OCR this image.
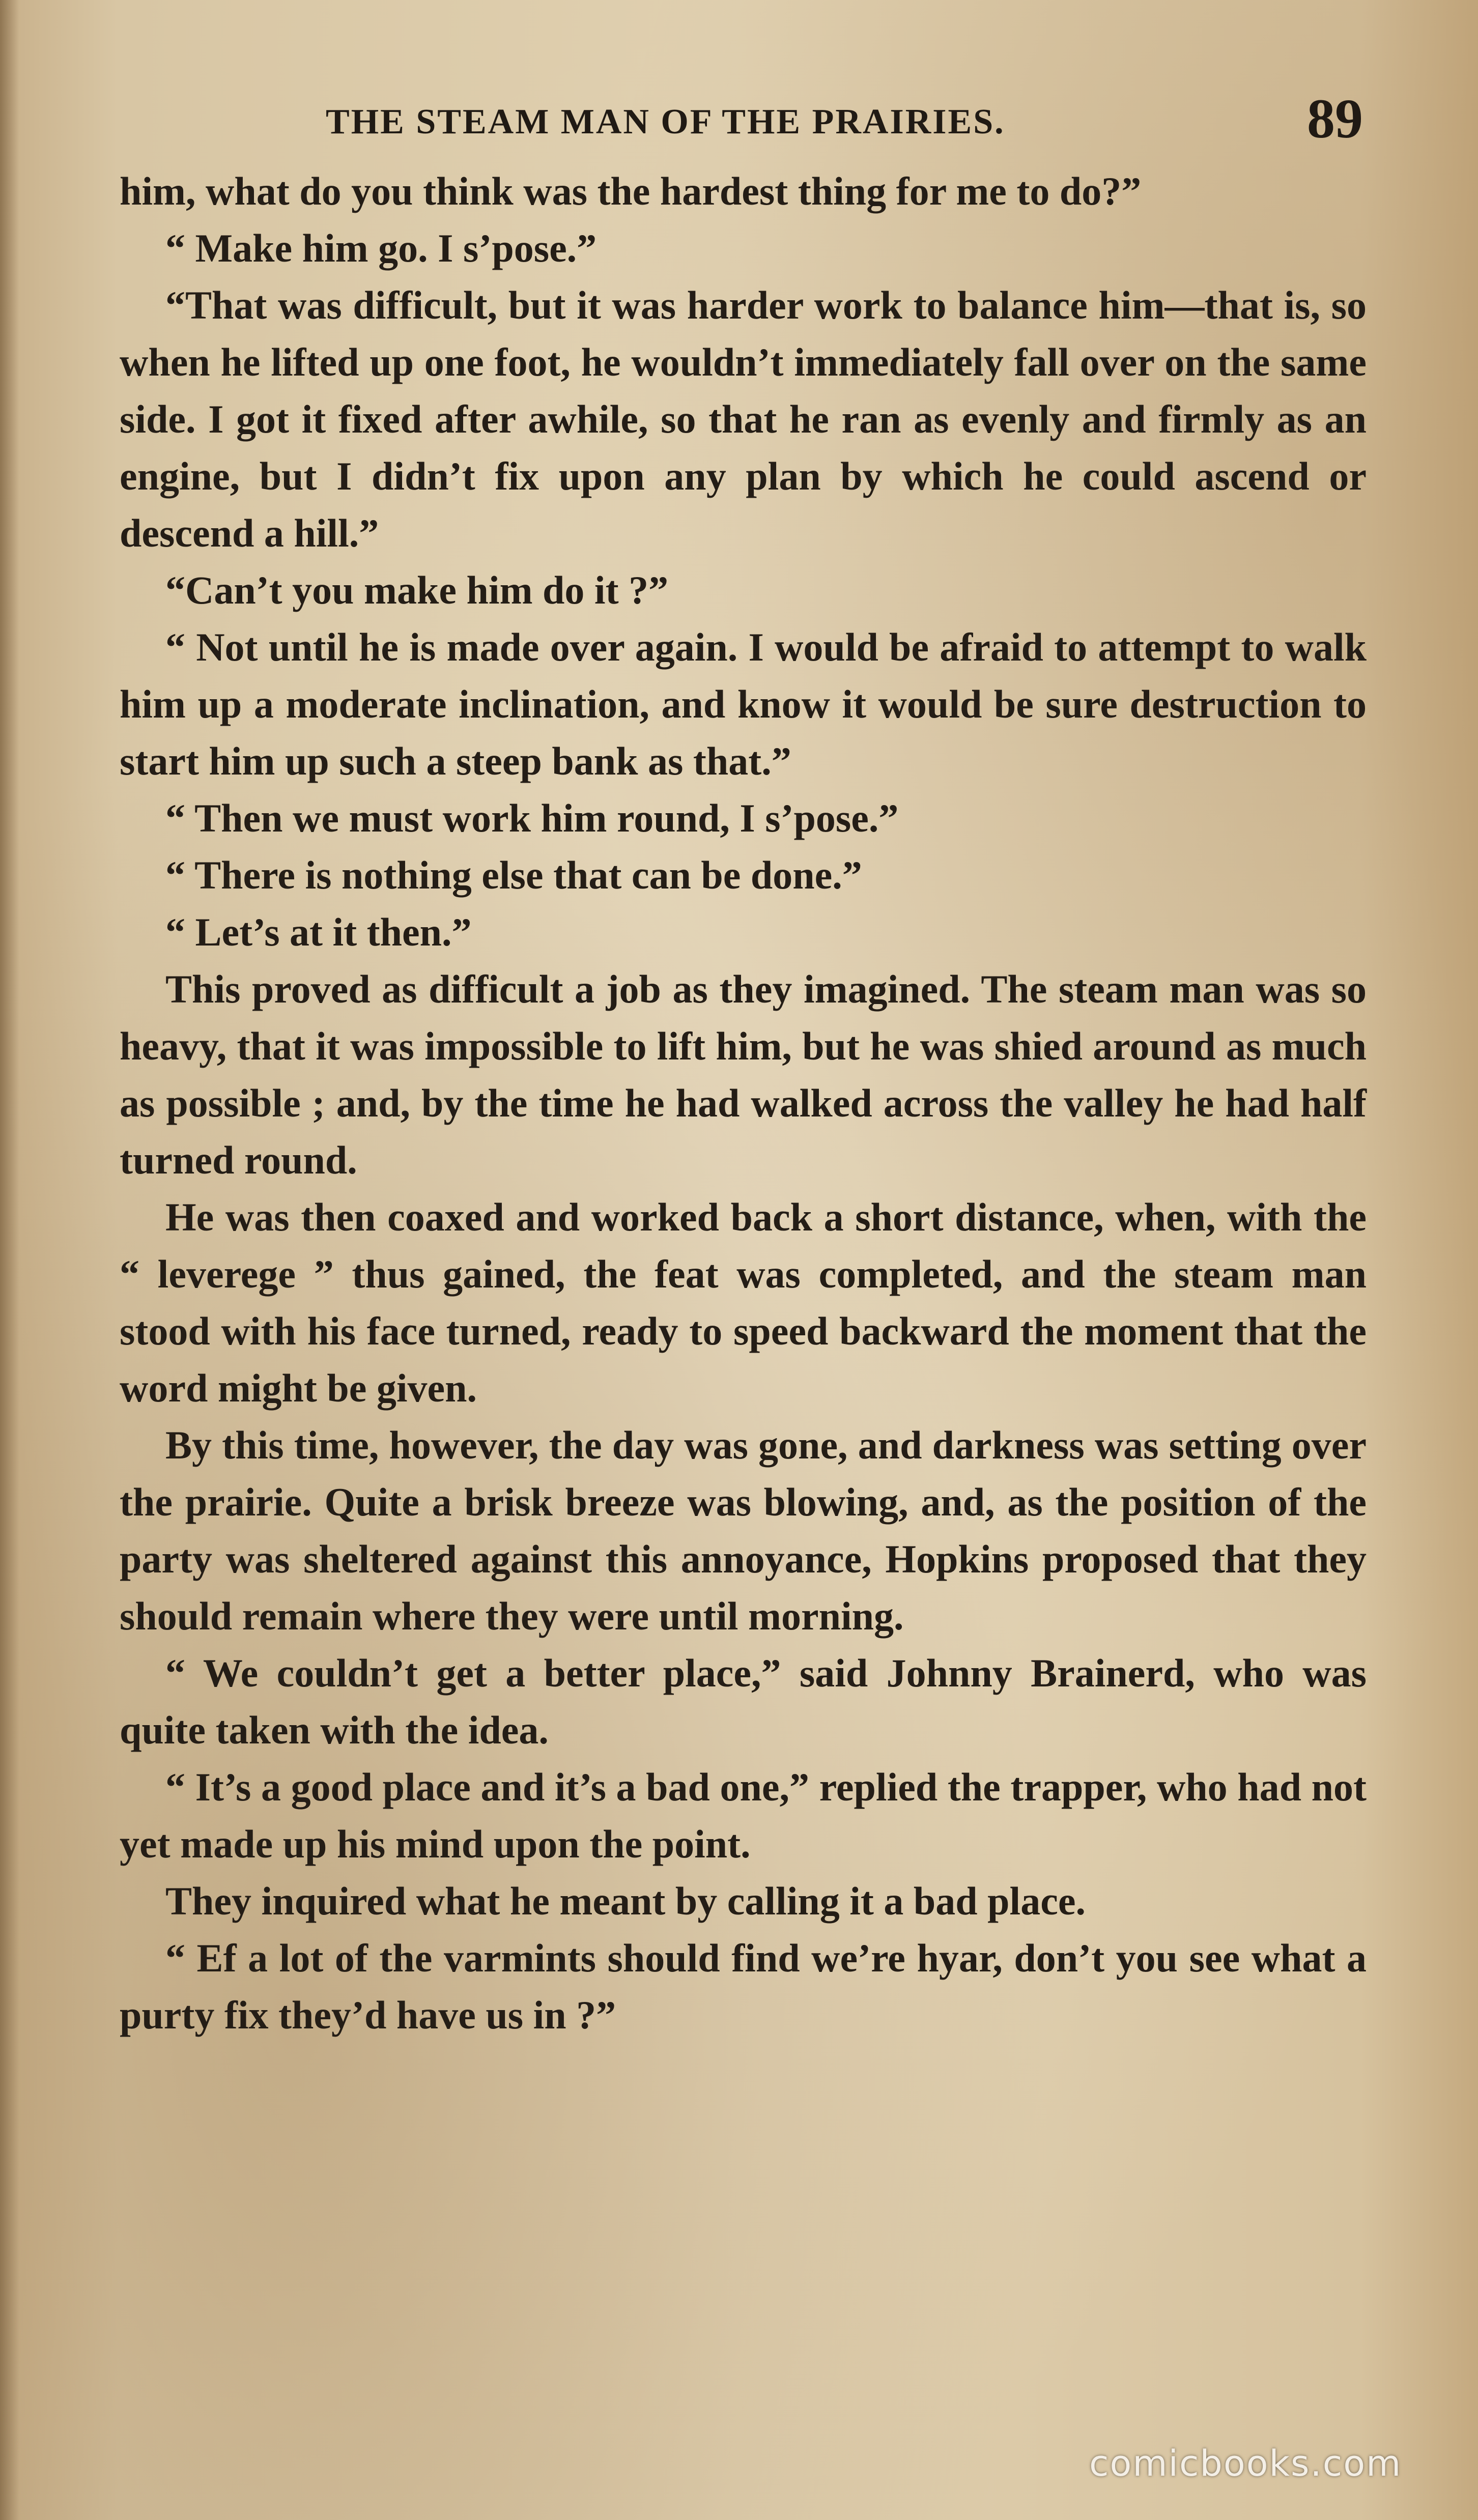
THE STEAM MAN OF THE PRAIRIES.	89

him, what do you think was the hardest thing for me to do?”

“ Make him go. I s’pose.”

“That was difficult, but it was harder work to balance him—that is, so when he lifted up one foot, he wouldn’t immediately fall over on the same side. I got it fixed after awhile, so that he ran as evenly and firmly as an engine, but I didn’t fix upon any plan by which he could ascend or descend a hill.”

“Can’t you make him do it ?”

“ Not until he is made over again. I would be afraid to attempt to walk him up a moderate inclination, and know it would be sure destruction to start him up such a steep bank as that.”

“ Then we must work him round, I s’pose.”

“ There is nothing else that can be done.”

“ Let’s at it then.”

This proved as difficult a job as they imagined. The steam man was so heavy, that it was impossible to lift him, but he was shied around as much as possible ; and, by the time he had walked across the valley he had half turned round.

He was then coaxed and worked back a short distance, when, with the “ leverege ” thus gained, the feat was completed, and the steam man stood with his face turned, ready to speed backward the moment that the word might be given.

By this time, however, the day was gone, and darkness was setting over the prairie. Quite a brisk breeze was blowing, and, as the position of the party was sheltered against this annoyance, Hopkins proposed that they should remain where they were until morning.

“ We couldn’t get a better place,” said Johnny Brainerd, who was quite taken with the idea.

“ It’s a good place and it’s a bad one,” replied the trapper, who had not yet made up his mind upon the point.

They inquired what he meant by calling it a bad place.

“ Ef a lot of the varmints should find we’re hyar, don’t you see what a purty fix they’d have us in ?”

comicbooks.com
